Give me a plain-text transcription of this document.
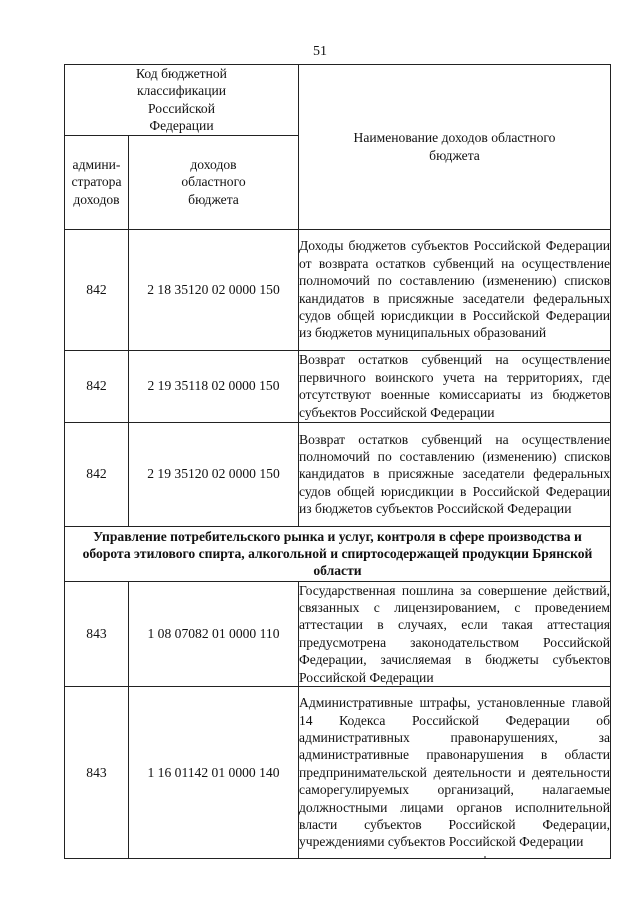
51
Код бюджетной классификации Российской Федерации		Наименование доходов областного бюджета

админи-стратора доходов	доходов областного бюджета	

842	2 18 35120 02 0000 150	Доходы бюджетов субъектов Российской Федерации от возврата остатков субвенций на осуществление полномочий по составлению (изменению) списков кандидатов в присяжные заседатели федеральных судов общей юрисдикции в Российской Федерации из бюджетов муниципальных образований
842	2 19 35118 02 0000 150	Возврат остатков субвенций на осуществление первичного воинского учета на территориях, где отсутствуют военные комиссариаты из бюджетов субъектов Российской Федерации
842	2 19 35120 02 0000 150	Возврат остатков субвенций на осуществление полномочий по составлению (изменению) списков кандидатов в присяжные заседатели федеральных судов общей юрисдикции в Российской Федерации из бюджетов субъектов Российской Федерации
Управление потребительского рынка и услуг, контроля в сфере производства и оборота этилового спирта, алкогольной и спиртосодержащей продукции Брянской области		
843	1 08 07082 01 0000 110	Государственная пошлина за совершение действий, связанных с лицензированием, с проведением аттестации в случаях, если такая аттестация предусмотрена законодательством Российской Федерации, зачисляемая в бюджеты субъектов Российской Федерации
843	1 16 01142 01 0000 140	Административные штрафы, установленные главой 14 Кодекса Российской Федерации об административных правонарушениях, за административные правонарушения в области предпринимательской деятельности и деятельности саморегулируемых организаций, налагаемые должностными лицами органов исполнительной власти субъектов Российской Федерации, учреждениями субъектов Российской Федерации
